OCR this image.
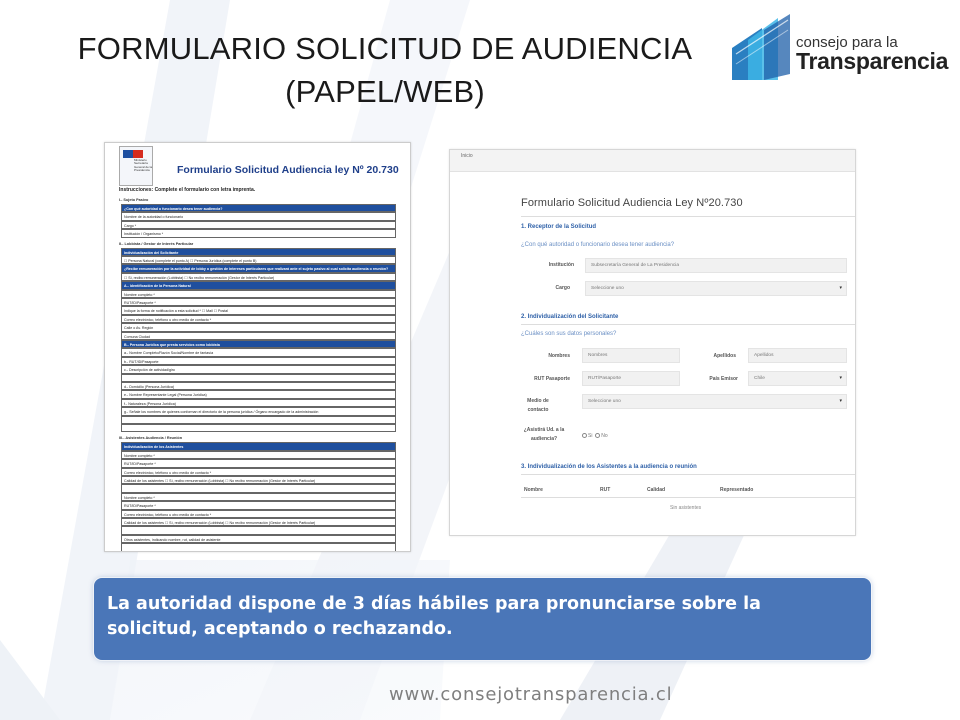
FORMULARIO SOLICITUD DE AUDIENCIA
(PAPEL/WEB)
consejo para la
Transparencia
Ministerio Secretaría General de la Presidencia	Formulario Solicitud Audiencia ley Nº 20.730
Instrucciones: Complete el formulario con letra imprenta.
I.- Sujeto Pasivo
¿Con qué autoridad o funcionario desea tener audiencia?
Nombre de la autoridad o funcionario
Cargo *
Institución / Organismo *
II.- Lobbista / Gestor de Interés Particular
Individualización del Solicitante
☐ Persona Natural (complete el punto A) ☐ Persona Jurídica (complete el punto B)
¿Recibe remuneración por la actividad de lobby o gestión de intereses particulares que realizará ante el sujeto pasivo al cual solicita audiencia o reunión?
☐ Sí, recibo remuneración (Lobbista) ☐ No recibo remuneración (Gestor de Interés Particular)
A.- Identificación de la Persona Natural
Nombre completo *
RUT/ID/Pasaporte *
Indique la forma de notificación a esta solicitud * ☐ Mail ☐ Postal
Correo electrónico, teléfono u otro medio de contacto *
Calle o Av. Región
Comuna Ciudad
B.- Persona Jurídica que presta servicios como lobbista
a.- Nombre Completo/Razón Social/Nombre de fantasía
b.- RUT/ID/Pasaporte
c.- Descripción de actividad/giro
d.- Domicilio (Persona Jurídica)
e.- Nombre Representante Legal (Persona Jurídica)
f.- Naturaleza (Persona Jurídica)
g.- Señale los nombres de quienes conforman el directorio de la persona jurídica / Órgano encargado de la administración
III.- Asistentes Audiencia / Reunión
Individualización de los Asistentes
Nombre completo *
RUT/ID/Pasaporte *
Correo electrónico, teléfono u otro medio de contacto *
Calidad de los asistentes ☐ Sí, recibo remuneración (Lobbista) ☐ No recibo remuneración (Gestor de Interés Particular)
Nombre completo *
RUT/ID/Pasaporte *
Correo electrónico, teléfono u otro medio de contacto *
Calidad de los asistentes ☐ Sí, recibo remuneración (Lobbista) ☐ No recibo remuneración (Gestor de Interés Particular)
Otros asistentes, indicando nombre, rut, calidad de asistente
Inicio
Formulario Solicitud Audiencia Ley Nº20.730
1. Receptor de la Solicitud
¿Con qué autoridad o funcionario desea tener audiencia?
Institución	Subsecretaría General de La Presidencia
Cargo	Seleccione uno ▾
2. Individualización del Solicitante
¿Cuáles son sus datos personales?
Nombres	Nombres	Apellidos	Apellidos
RUT Pasaporte	RUT/Pasaporte	País Emisor	Chile ▾
Medio de
contacto
Seleccione uno ▾
¿Asistirá Ud. a la
audiencia?	Si No
3. Individualización de los Asistentes a la audiencia o reunión
Nombre	RUT	Calidad	Representado
Sin asistentes
La autoridad dispone de 3 días hábiles para pronunciarse sobre la solicitud, aceptando o rechazando.
www.consejotransparencia.cl
